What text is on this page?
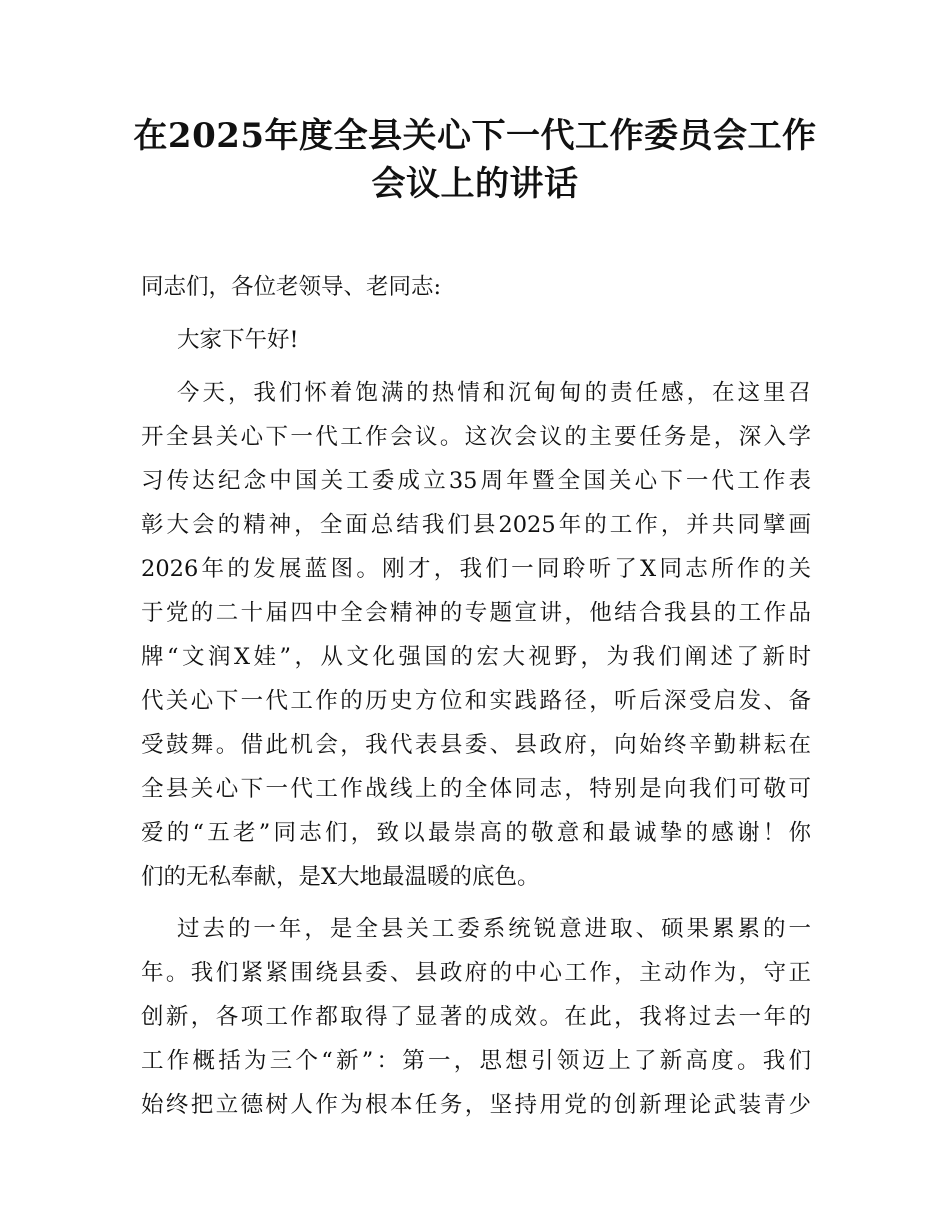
在2025年度全县关心下一代工作委员会工作
会议上的讲话
同志们，各位老领导、老同志:
大家下午好!
今天，我们怀着饱满的热情和沉甸甸的责任感，在这里召
开全县关心下一代工作会议。这次会议的主要任务是，深入学
习传达纪念中国关工委成立35周年暨全国关心下一代工作表
彰大会的精神，全面总结我们县2025年的工作，并共同擘画
2026年的发展蓝图。刚才，我们一同聆听了X同志所作的关
于党的二十届四中全会精神的专题宣讲，他结合我县的工作品
牌“文润X娃”，从文化强国的宏大视野，为我们阐述了新时
代关心下一代工作的历史方位和实践路径，听后深受启发、备
受鼓舞。借此机会，我代表县委、县政府，向始终辛勤耕耘在
全县关心下一代工作战线上的全体同志，特别是向我们可敬可
爱的“五老”同志们，致以最崇高的敬意和最诚挚的感谢！你
们的无私奉献，是X大地最温暖的底色。
过去的一年，是全县关工委系统锐意进取、硕果累累的一
年。我们紧紧围绕县委、县政府的中心工作，主动作为，守正
创新，各项工作都取得了显著的成效。在此，我将过去一年的
工作概括为三个“新”：第一，思想引领迈上了新高度。我们
始终把立德树人作为根本任务，坚持用党的创新理论武装青少
